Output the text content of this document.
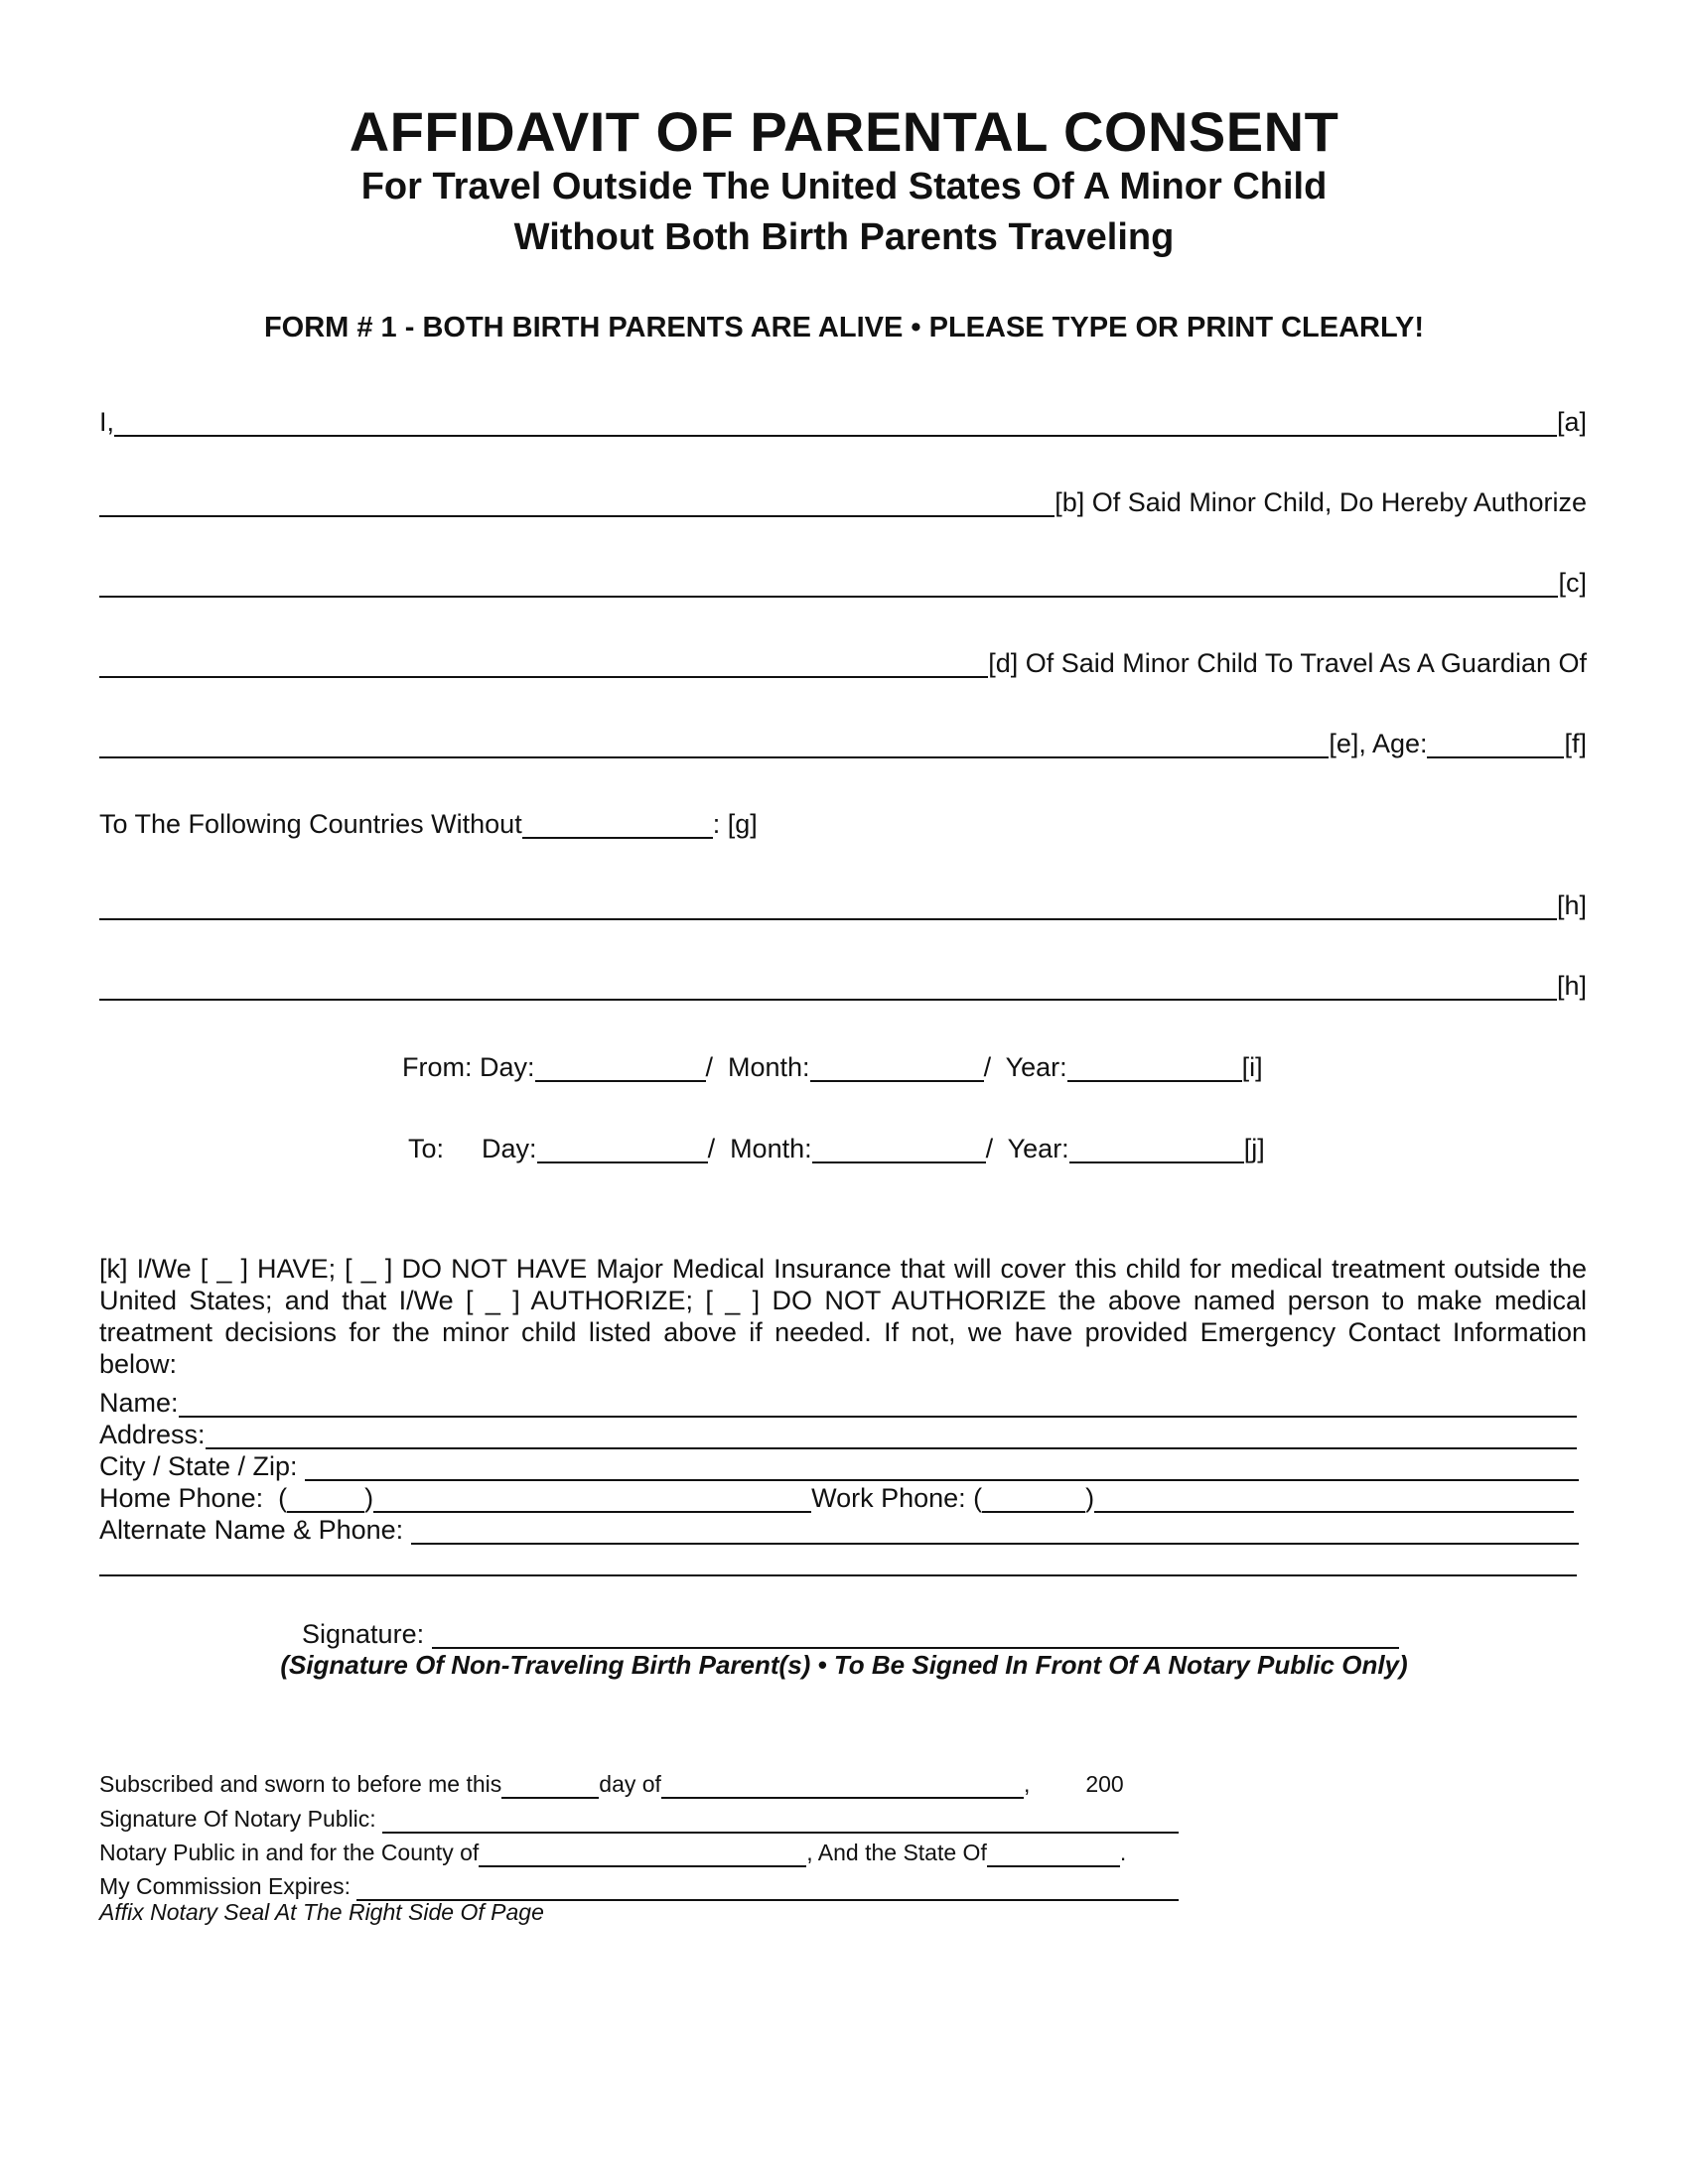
AFFIDAVIT OF PARENTAL CONSENT
For Travel Outside The United States Of A Minor Child
Without Both Birth Parents Traveling
FORM # 1 - BOTH BIRTH PARENTS ARE ALIVE • PLEASE TYPE OR PRINT CLEARLY!
I,	[a]
[b] Of Said Minor Child, Do Hereby Authorize
[c]
[d] Of Said Minor Child To Travel As A Guardian Of
[e], Age:	[f]
To The Following Countries Without	: [g]
[h]
[h]
From: Day:	/  Month:	/  Year:	[i]
To: Day:	/  Month:	/  Year:	[j]
[k] I/We [ _ ] HAVE; [ _ ] DO NOT HAVE Major Medical Insurance that will cover this child for medical treatment outside the United States; and that I/We [ _ ] AUTHORIZE; [ _ ] DO NOT AUTHORIZE the above named person to make medical treatment decisions for the minor child listed above if needed. If not, we have provided Emergency Contact Information below:
Name:
Address:
City / State / Zip:
Home Phone:  (	)	Work Phone: (	)
Alternate Name & Phone:
Signature:
(Signature Of Non-Traveling Birth Parent(s) • To Be Signed In Front Of A Notary Public Only)
Subscribed and sworn to before me this	day of	, 200
Signature Of Notary Public:
Notary Public in and for the County of	, And the State Of	.
My Commission Expires:
Affix Notary Seal At The Right Side Of Page
